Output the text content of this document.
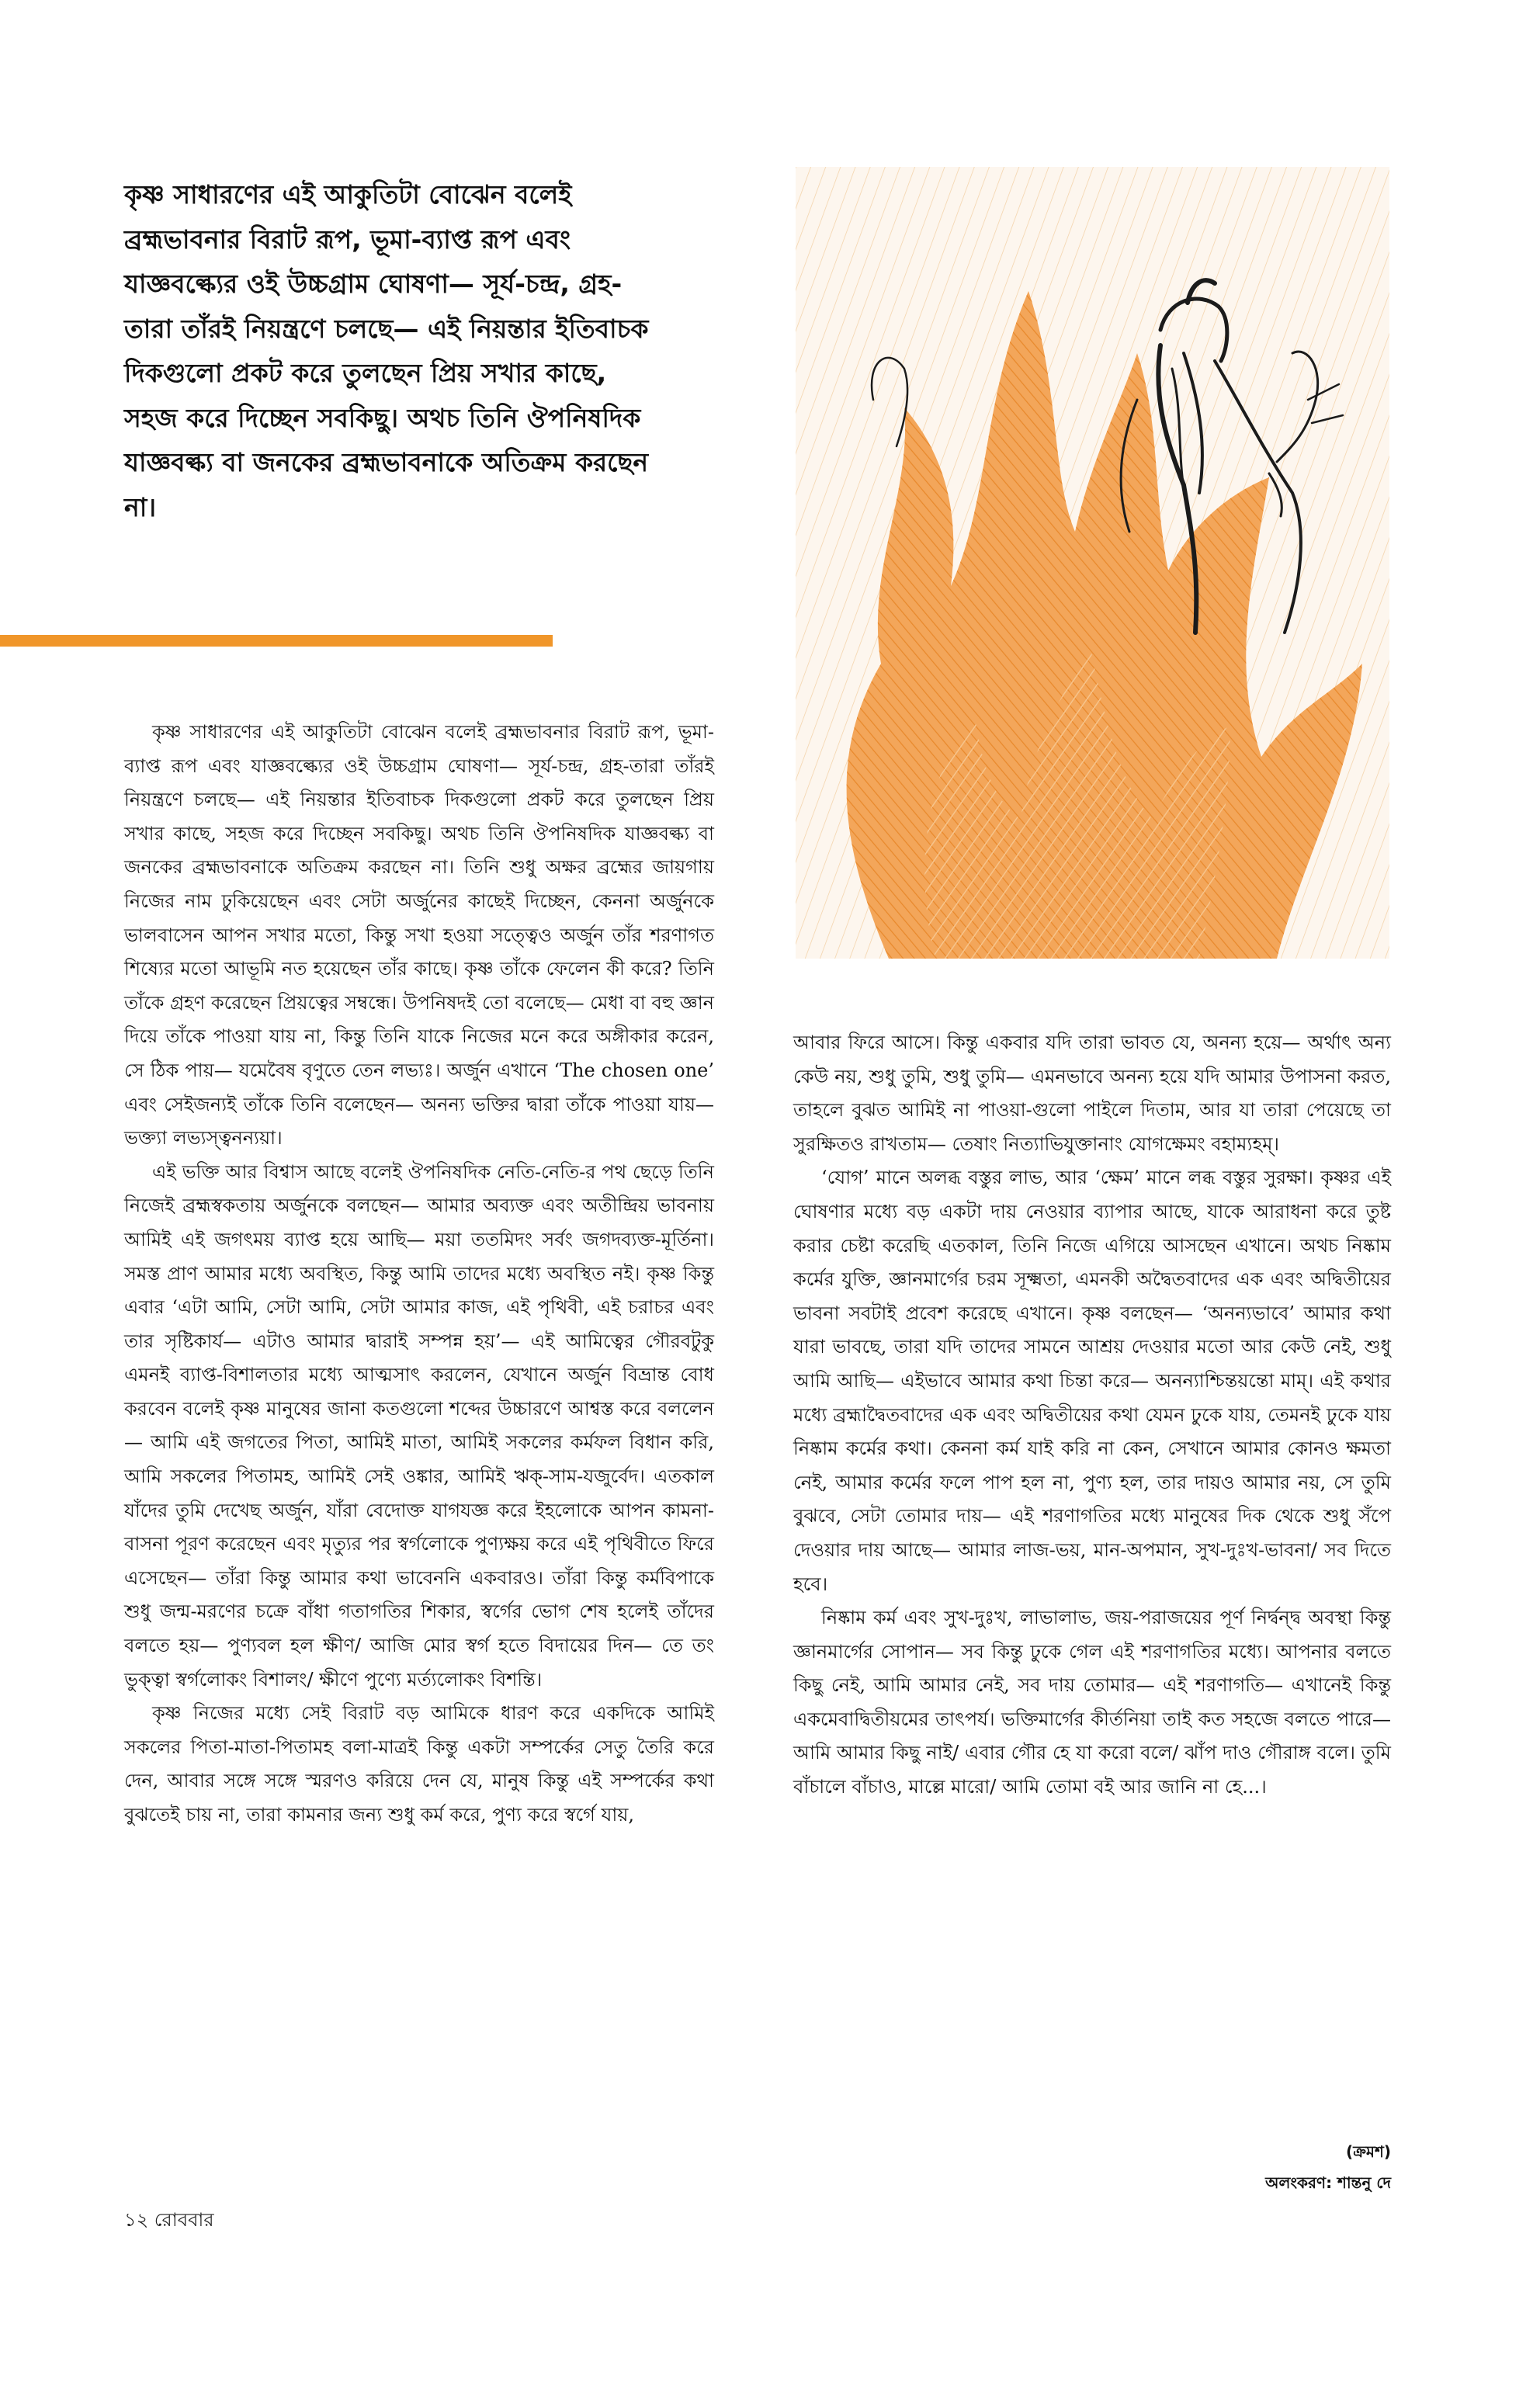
কৃষ্ণ সাধারণের এই আকুতিটা বোঝেন বলেই ব্রহ্মভাবনার বিরাট রূপ, ভূমা-ব্যাপ্ত রূপ এবং যাজ্ঞবল্ক্যের ওই উচ্চগ্রাম ঘোষণা— সূর্য-চন্দ্র, গ্রহ-তারা তাঁরই নিয়ন্ত্রণে চলছে— এই নিয়ন্তার ইতিবাচক দিকগুলো প্রকট করে তুলছেন প্রিয় সখার কাছে, সহজ করে দিচ্ছেন সবকিছু। অথচ তিনি ঔপনিষদিক যাজ্ঞবল্ক্য বা জনকের ব্রহ্মভাবনাকে অতিক্রম করছেন না।

কৃষ্ণ সাধারণের এই আকুতিটা বোঝেন বলেই ব্রহ্মভাবনার বিরাট রূপ, ভূমা-ব্যাপ্ত রূপ এবং যাজ্ঞবল্ক্যের ওই উচ্চগ্রাম ঘোষণা— সূর্য-চন্দ্র, গ্রহ-তারা তাঁরই নিয়ন্ত্রণে চলছে— এই নিয়ন্তার ইতিবাচক দিকগুলো প্রকট করে তুলছেন প্রিয় সখার কাছে, সহজ করে দিচ্ছেন সবকিছু। অথচ তিনি ঔপনিষদিক যাজ্ঞবল্ক্য বা জনকের ব্রহ্মভাবনাকে অতিক্রম করছেন না। তিনি শুধু অক্ষর ব্রহ্মের জায়গায় নিজের নাম ঢুকিয়েছেন এবং সেটা অর্জুনের কাছেই দিচ্ছেন, কেননা অর্জুনকে ভালবাসেন আপন সখার মতো, কিন্তু সখা হওয়া সত্ত্বেও অর্জুন তাঁর শরণাগত শিষ্যের মতো আভূমি নত হয়েছেন তাঁর কাছে। কৃষ্ণ তাঁকে ফেলেন কী করে? তিনি তাঁকে গ্রহণ করেছেন প্রিয়ত্বের সম্বন্ধে। উপনিষদই তো বলেছে— মেধা বা বহু জ্ঞান দিয়ে তাঁকে পাওয়া যায় না, কিন্তু তিনি যাকে নিজের মনে করে অঙ্গীকার করেন, সে ঠিক পায়— যমেবৈষ বৃণুতে তেন লভ্যঃ। অর্জুন এখানে ‘The chosen one’ এবং সেইজন্যই তাঁকে তিনি বলেছেন— অনন্য ভক্তির দ্বারা তাঁকে পাওয়া যায়— ভক্ত্যা লভ্যস্ত্বনন্যয়া।

এই ভক্তি আর বিশ্বাস আছে বলেই ঔপনিষদিক নেতি-নেতি-র পথ ছেড়ে তিনি নিজেই ব্রহ্মস্বকতায় অর্জুনকে বলছেন— আমার অব্যক্ত এবং অতীন্দ্রিয় ভাবনায় আমিই এই জগৎময় ব্যাপ্ত হয়ে আছি— ময়া ততমিদং সর্বং জগদব্যক্ত-মূর্তিনা। সমস্ত প্রাণ আমার মধ্যে অবস্থিত, কিন্তু আমি তাদের মধ্যে অবস্থিত নই। কৃষ্ণ কিন্তু এবার ‘এটা আমি, সেটা আমি, সেটা আমার কাজ, এই পৃথিবী, এই চরাচর এবং তার সৃষ্টিকার্য— এটাও আমার দ্বারাই সম্পন্ন হয়’— এই আমিত্বের গৌরবটুকু এমনই ব্যাপ্ত-বিশালতার মধ্যে আত্মসাৎ করলেন, যেখানে অর্জুন বিভ্রান্ত বোধ করবেন বলেই কৃষ্ণ মানুষের জানা কতগুলো শব্দের উচ্চারণে আশ্বস্ত করে বললেন— আমি এই জগতের পিতা, আমিই মাতা, আমিই সকলের কর্মফল বিধান করি, আমি সকলের পিতামহ, আমিই সেই ওঙ্কার, আমিই ঋক্-সাম-যজুর্বেদ। এতকাল যাঁদের তুমি দেখেছ অর্জুন, যাঁরা বেদোক্ত যাগযজ্ঞ করে ইহলোকে আপন কামনা-বাসনা পূরণ করেছেন এবং মৃত্যুর পর স্বর্গলোকে পুণ্যক্ষয় করে এই পৃথিবীতে ফিরে এসেছেন— তাঁরা কিন্তু আমার কথা ভাবেননি একবারও। তাঁরা কিন্তু কর্মবিপাকে শুধু জন্ম-মরণের চক্রে বাঁধা গতাগতির শিকার, স্বর্গের ভোগ শেষ হলেই তাঁদের বলতে হয়— পুণ্যবল হল ক্ষীণ/ আজি মোর স্বর্গ হতে বিদায়ের দিন— তে তং ভুক্ত্বা স্বর্গলোকং বিশালং/ ক্ষীণে পুণ্যে মর্ত্যলোকং বিশন্তি।

কৃষ্ণ নিজের মধ্যে সেই বিরাট বড় আমিকে ধারণ করে একদিকে আমিই সকলের পিতা-মাতা-পিতামহ বলা-মাত্রই কিন্তু একটা সম্পর্কের সেতু তৈরি করে দেন, আবার সঙ্গে সঙ্গে স্মরণও করিয়ে দেন যে, মানুষ কিন্তু এই সম্পর্কের কথা বুঝতেই চায় না, তারা কামনার জন্য শুধু কর্ম করে, পুণ্য করে স্বর্গে যায়,

আবার ফিরে আসে। কিন্তু একবার যদি তারা ভাবত যে, অনন্য হয়ে— অর্থাৎ অন্য কেউ নয়, শুধু তুমি, শুধু তুমি— এমনভাবে অনন্য হয়ে যদি আমার উপাসনা করত, তাহলে বুঝত আমিই না পাওয়া-গুলো পাইলে দিতাম, আর যা তারা পেয়েছে তা সুরক্ষিতও রাখতাম— তেষাং নিত্যাভিযুক্তানাং যোগক্ষেমং বহাম্যহম্।

‘যোগ’ মানে অলব্ধ বস্তুর লাভ, আর ‘ক্ষেম’ মানে লব্ধ বস্তুর সুরক্ষা। কৃষ্ণর এই ঘোষণার মধ্যে বড় একটা দায় নেওয়ার ব্যাপার আছে, যাকে আরাধনা করে তুষ্ট করার চেষ্টা করেছি এতকাল, তিনি নিজে এগিয়ে আসছেন এখানে। অথচ নিষ্কাম কর্মের যুক্তি, জ্ঞানমার্গের চরম সূক্ষ্মতা, এমনকী অদ্বৈতবাদের এক এবং অদ্বিতীয়ের ভাবনা সবটাই প্রবেশ করেছে এখানে। কৃষ্ণ বলছেন— ‘অনন্যভাবে’ আমার কথা যারা ভাবছে, তারা যদি তাদের সামনে আশ্রয় দেওয়ার মতো আর কেউ নেই, শুধু আমি আছি— এইভাবে আমার কথা চিন্তা করে— অনন্যাশ্চিন্তয়ন্তো মাম্। এই কথার মধ্যে ব্রহ্মাদ্বৈতবাদের এক এবং অদ্বিতীয়ের কথা যেমন ঢুকে যায়, তেমনই ঢুকে যায় নিষ্কাম কর্মের কথা। কেননা কর্ম যাই করি না কেন, সেখানে আমার কোনও ক্ষমতা নেই, আমার কর্মের ফলে পাপ হল না, পুণ্য হল, তার দায়ও আমার নয়, সে তুমি বুঝবে, সেটা তোমার দায়— এই শরণাগতির মধ্যে মানুষের দিক থেকে শুধু সঁপে দেওয়ার দায় আছে— আমার লাজ-ভয়, মান-অপমান, সুখ-দুঃখ-ভাবনা/ সব দিতে হবে।

নিষ্কাম কর্ম এবং সুখ-দুঃখ, লাভালাভ, জয়-পরাজয়ের পূর্ণ নির্দ্বন্দ্ব অবস্থা কিন্তু জ্ঞানমার্গের সোপান— সব কিন্তু ঢুকে গেল এই শরণাগতির মধ্যে। আপনার বলতে কিছু নেই, আমি আমার নেই, সব দায় তোমার— এই শরণাগতি— এখানেই কিন্তু একমেবাদ্বিতীয়মের তাৎপর্য। ভক্তিমার্গের কীর্তনিয়া তাই কত সহজে বলতে পারে— আমি আমার কিছু নাই/ এবার গৌর হে যা করো বলে/ ঝাঁপ দাও গৌরাঙ্গ বলে। তুমি বাঁচালে বাঁচাও, মাল্লে মারো/ আমি তোমা বই আর জানি না হে...।

(ক্রমশ)
অলংকরণ: শান্তনু দে
১২ রোববার
